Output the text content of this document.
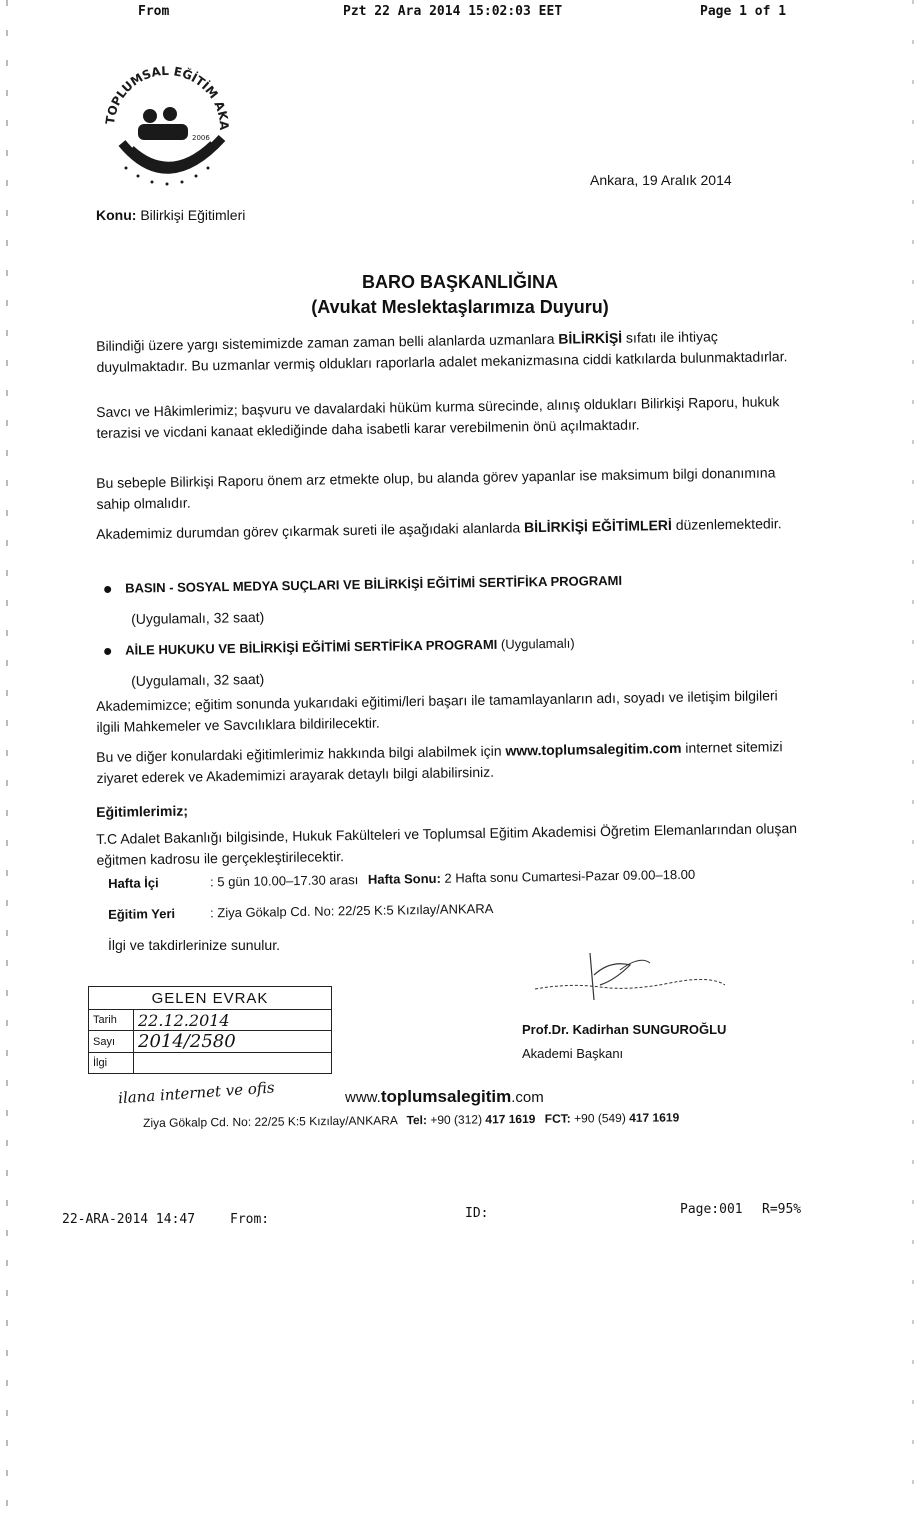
From	Pzt 22 Ara 2014 15:02:03 EET	Page 1 of 1
TOPLUMSAL EĞİTİM AKA
2006
Ankara, 19 Aralık 2014
Konu: Bilirkişi Eğitimleri
BARO BAŞKANLIĞINA
(Avukat Meslektaşlarımıza Duyuru)
Bilindiği üzere yargı sistemimizde zaman zaman belli alanlarda uzmanlara BİLİRKİŞİ sıfatı ile ihtiyaç duyulmaktadır. Bu uzmanlar vermiş oldukları raporlarla adalet mekanizmasına ciddi katkılarda bulunmaktadırlar.
Savcı ve Hâkimlerimiz; başvuru ve davalardaki hüküm kurma sürecinde, alınış oldukları Bilirkişi Raporu, hukuk terazisi ve vicdani kanaat eklediğinde daha isabetli karar verebilmenin önü açılmaktadır.
Bu sebeple Bilirkişi Raporu önem arz etmekte olup, bu alanda görev yapanlar ise maksimum bilgi donanımına sahip olmalıdır.
Akademimiz durumdan görev çıkarmak sureti ile aşağıdaki alanlarda BİLİRKİŞİ EĞİTİMLERİ düzenlemektedir.
BASIN - SOSYAL MEDYA SUÇLARI VE BİLİRKİŞİ EĞİTİMİ SERTİFİKA PROGRAMI
(Uygulamalı, 32 saat)
AİLE HUKUKU VE BİLİRKİŞİ EĞİTİMİ SERTİFİKA PROGRAMI (Uygulamalı)
(Uygulamalı, 32 saat)
Akademimizce; eğitim sonunda yukarıdaki eğitimi/leri başarı ile tamamlayanların adı, soyadı ve iletişim bilgileri ilgili Mahkemeler ve Savcılıklara bildirilecektir.
Bu ve diğer konulardaki eğitimlerimiz hakkında bilgi alabilmek için www.toplumsalegitim.com internet sitemizi ziyaret ederek ve Akademimizi arayarak detaylı bilgi alabilirsiniz.
Eğitimlerimiz;
T.C Adalet Bakanlığı bilgisinde, Hukuk Fakülteleri ve Toplumsal Eğitim Akademisi Öğretim Elemanlarından oluşan eğitmen kadrosu ile gerçekleştirilecektir.
Hafta İçi	: 5 gün 10.00–17.30 arası Hafta Sonu: 2 Hafta sonu Cumartesi-Pazar 09.00–18.00
Eğitim Yeri	: Ziya Gökalp Cd. No: 22/25 K:5 Kızılay/ANKARA
İlgi ve takdirlerinize sunulur.
Prof.Dr. Kadirhan SUNGUROĞLU
Akademi Başkanı
GELEN EVRAK	
Tarih	22.12.2014
Sayı	2014/2580
İlgi	
ilana internet ve ofis	www.toplumsalegitim.com
Ziya Gökalp Cd. No: 22/25 K:5 Kızılay/ANKARA Tel: +90 (312) 417 1619 FCT: +90 (549) 417 1619
22-ARA-2014 14:47	From:	ID:	Page:001 R=95%
